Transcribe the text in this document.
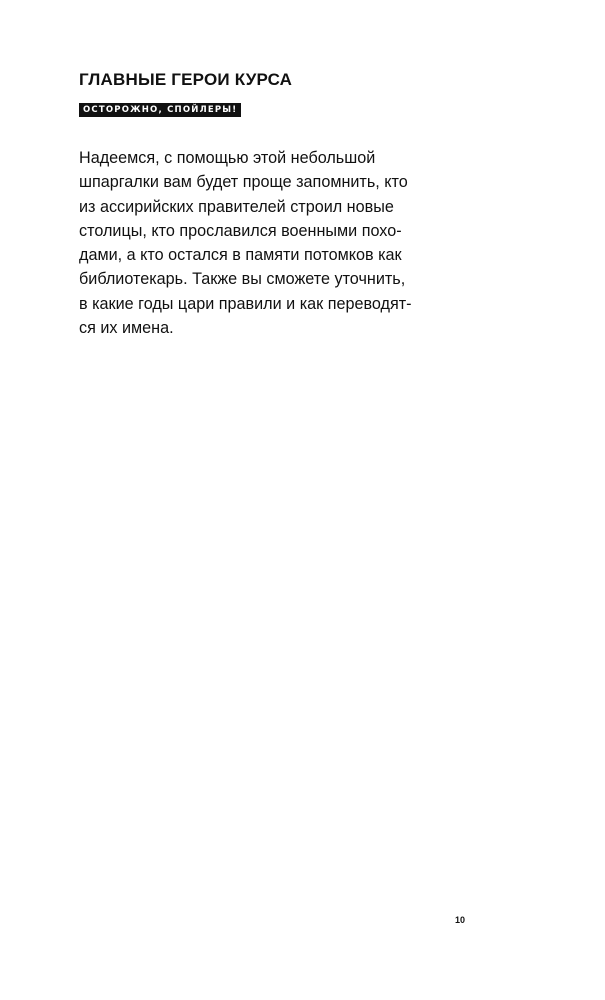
ГЛАВНЫЕ ГЕРОИ КУРСА
ОСТОРОЖНО, СПОЙЛЕРЫ!

Надеемся, с помощью этой небольшой
шпаргалки вам будет проще запомнить, кто
из ассирийских правителей строил новые
столицы, кто прославился военными похо-
дами, а кто остался в памяти потомков как
библиотекарь. Также вы сможете уточнить,
в какие годы цари правили и как переводят-
ся их имена.

10
